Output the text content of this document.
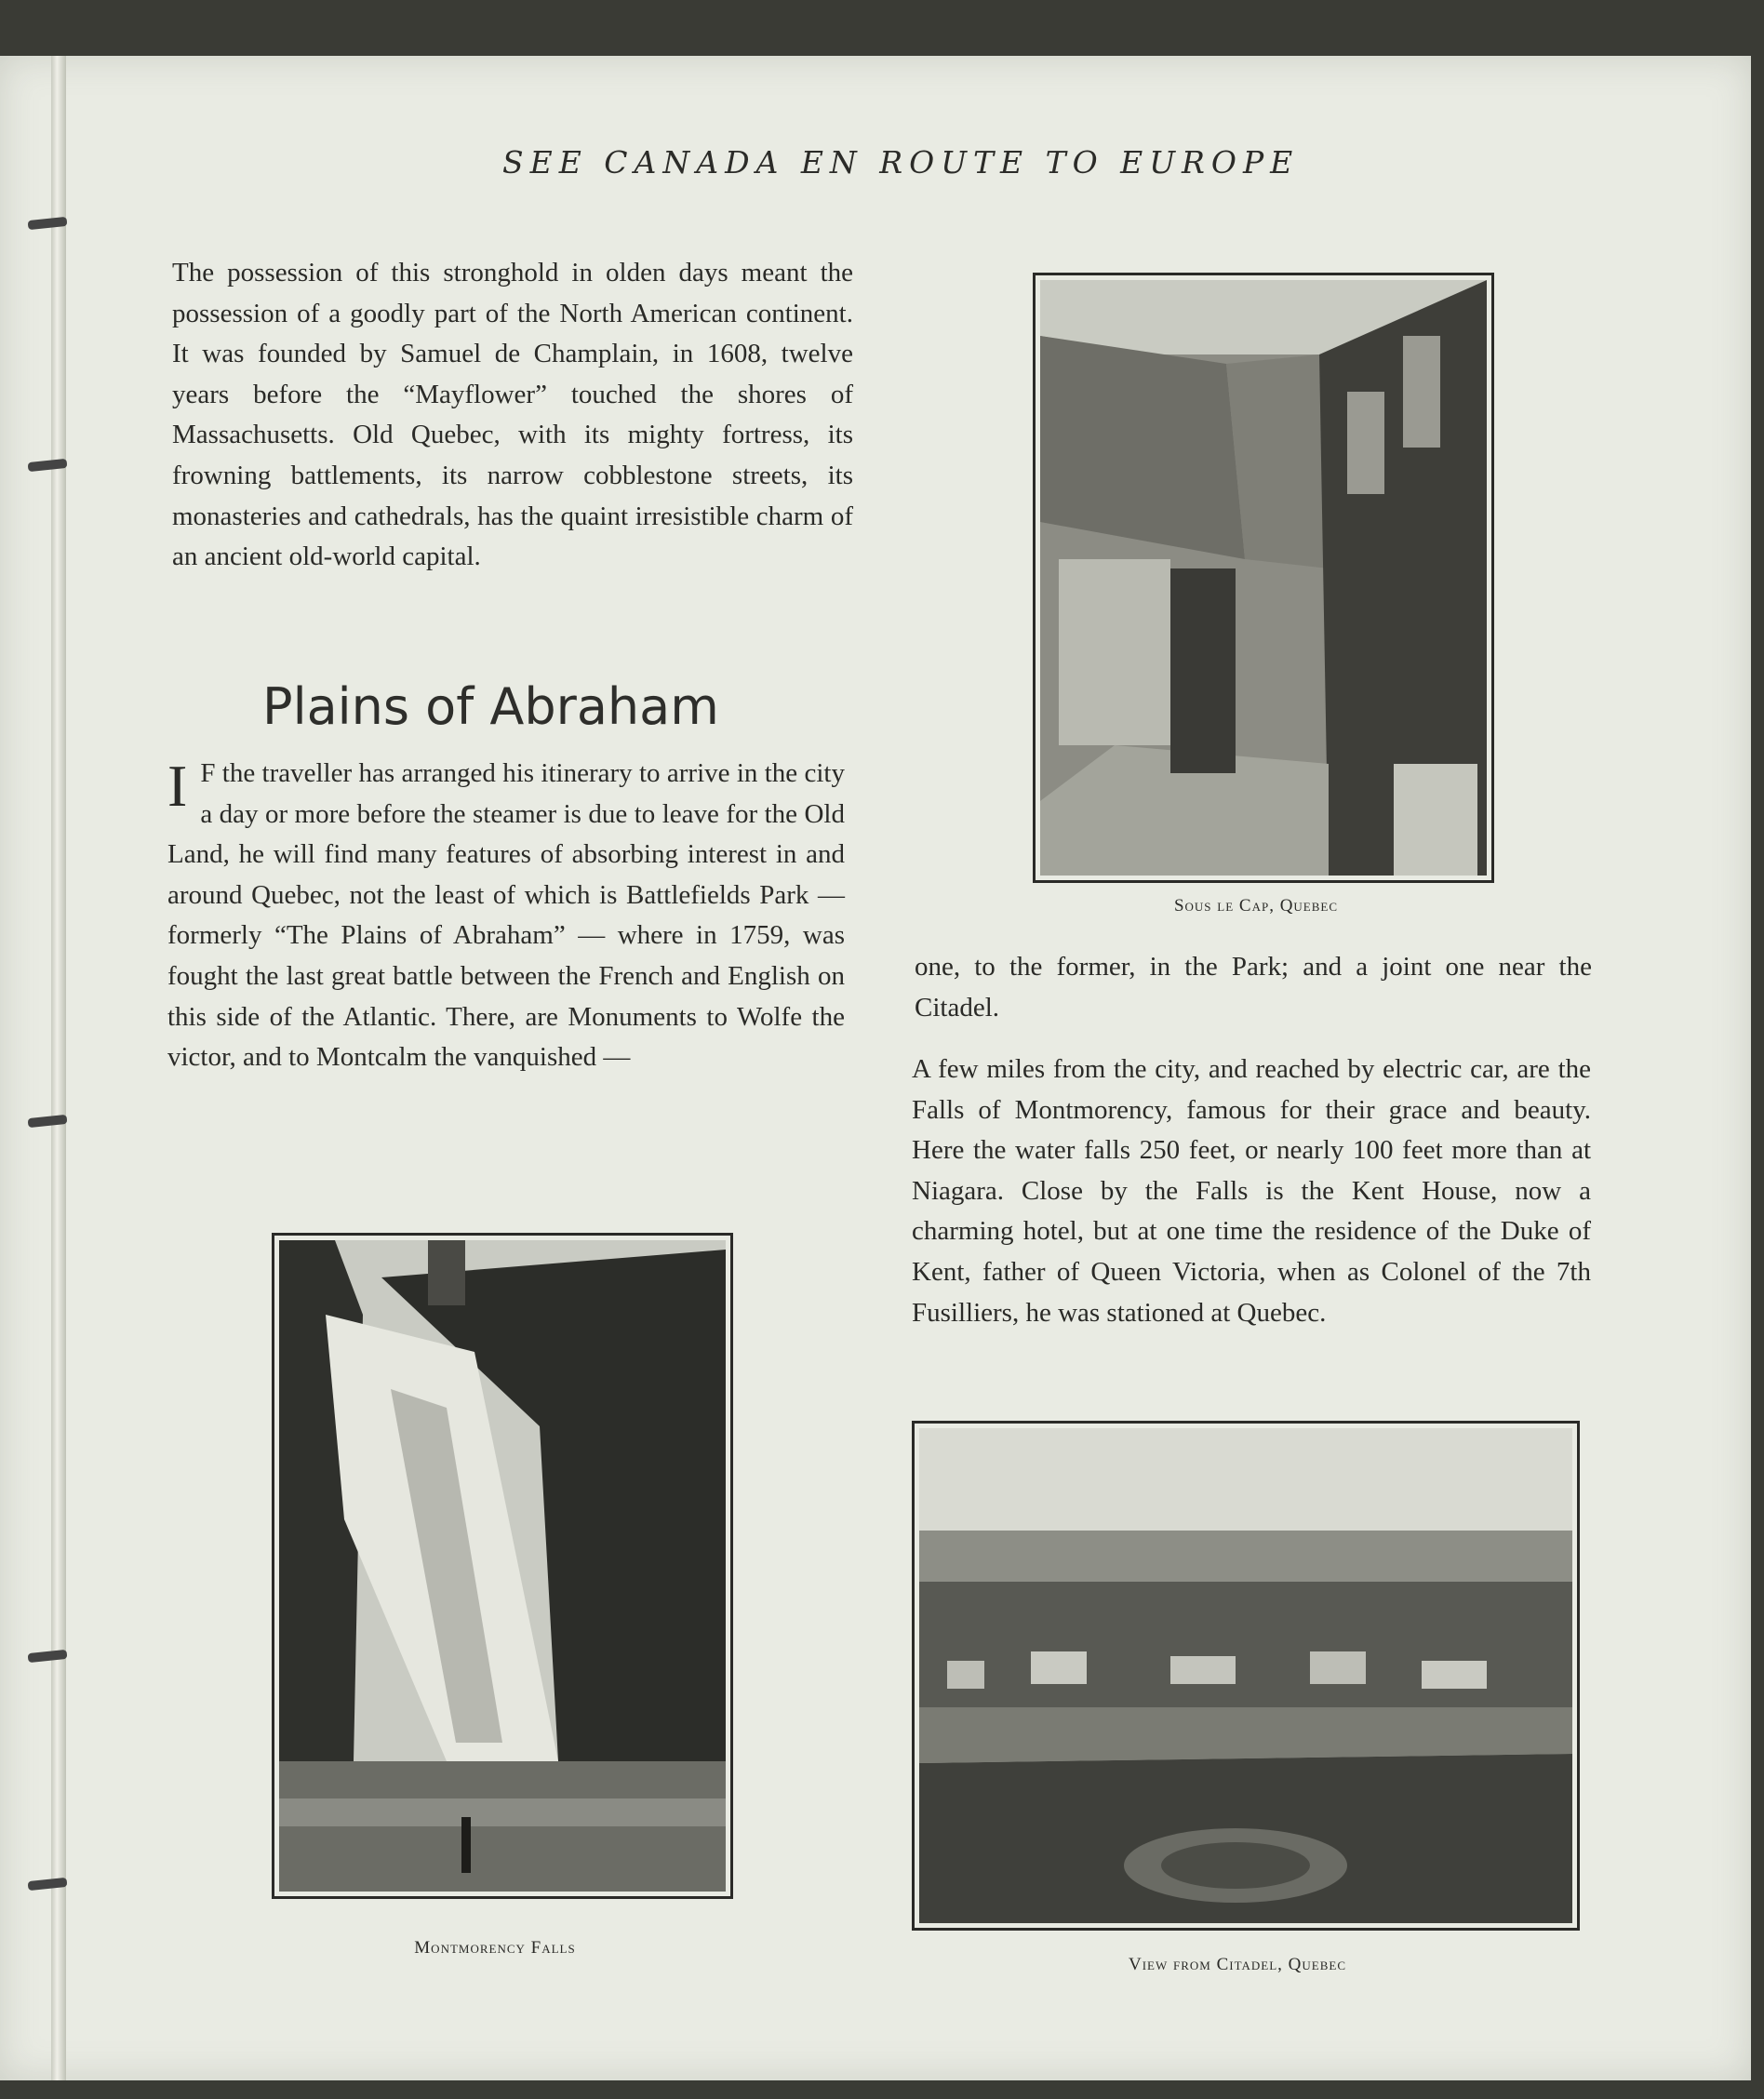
SEE CANADA EN ROUTE TO EUROPE

The possession of this stronghold in olden days meant the possession of a goodly part of the North American continent. It was founded by Samuel de Champlain, in 1608, twelve years before the “Mayflower” touched the shores of Massachusetts. Old Quebec, with its mighty fortress, its frowning battlements, its narrow cobblestone streets, its monasteries and cathedrals, has the quaint irresistible charm of an ancient old-world capital.

Plains of Abraham
I F the traveller has arranged his itinerary to arrive in the city a day or more before the steamer is due to leave for the Old Land, he will find many features of absorbing interest in and around Quebec, not the least of which is Battlefields Park — formerly “The Plains of Abraham” — where in 1759, was fought the last great battle between the French and English on this side of the Atlantic. There, are Monuments to Wolfe the victor, and to Montcalm the vanquished —

one, to the former, in the Park; and a joint one near the Citadel.

A few miles from the city, and reached by electric car, are the Falls of Montmorency, famous for their grace and beauty. Here the water falls 250 feet, or nearly 100 feet more than at Niagara. Close by the Falls is the Kent House, now a charming hotel, but at one time the residence of the Duke of Kent, father of Queen Victoria, when as Colonel of the 7th Fusilliers, he was stationed at Quebec.

Sous le Cap, Quebec
Montmorency Falls
View from Citadel, Quebec
